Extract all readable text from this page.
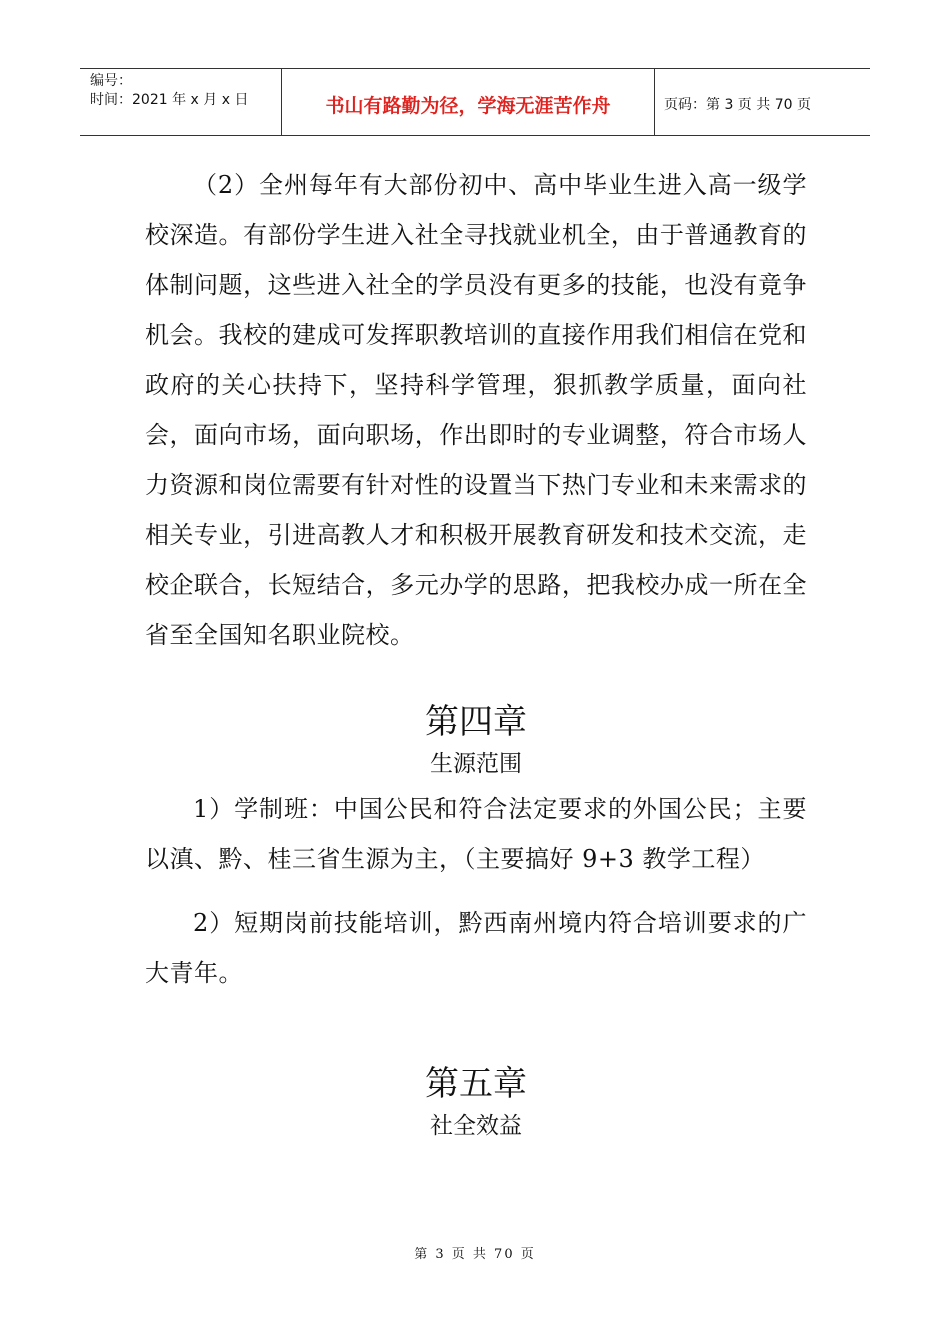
编号：
时间：2021 年 x 月 x 日	书山有路勤为径，学海无涯苦作舟	页码：第 3 页 共 70 页

（2）全州每年有大部份初中、高中毕业生进入高一级学校深造。有部份学生进入社全寻找就业机全，由于普通教育的体制问题，这些进入社全的学员没有更多的技能，也没有竟争机会。我校的建成可发挥职教培训的直接作用我们相信在党和政府的关心扶持下，坚持科学管理，狠抓教学质量，面向社会，面向市场，面向职场，作出即时的专业调整，符合市场人力资源和岗位需要有针对性的设置当下热门专业和未来需求的相关专业，引进高教人才和积极开展教育研发和技术交流，走校企联合，长短结合，多元办学的思路，把我校办成一所在全省至全国知名职业院校。

第四章

生源范围

1）学制班：中国公民和符合法定要求的外国公民；主要以滇、黔、桂三省生源为主，（主要搞好 9+3 教学工程）

2）短期岗前技能培训，黔西南州境内符合培训要求的广大青年。

第五章

社全效益

第 3 页 共 70 页
